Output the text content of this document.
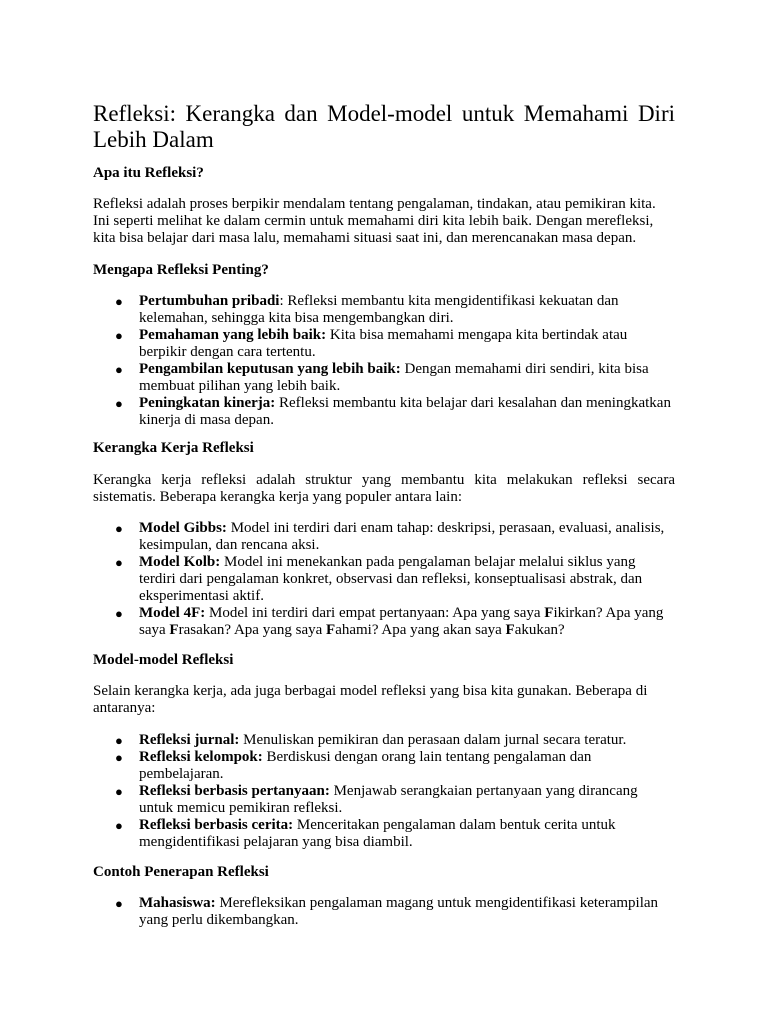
Refleksi: Kerangka dan Model-model untuk Memahami Diri Lebih Dalam
Apa itu Refleksi?

Refleksi adalah proses berpikir mendalam tentang pengalaman, tindakan, atau pemikiran kita. Ini seperti melihat ke dalam cermin untuk memahami diri kita lebih baik. Dengan merefleksi, kita bisa belajar dari masa lalu, memahami situasi saat ini, dan merencanakan masa depan.

Mengapa Refleksi Penting?
● Pertumbuhan pribadi: Refleksi membantu kita mengidentifikasi kekuatan dan kelemahan, sehingga kita bisa mengembangkan diri.
● Pemahaman yang lebih baik: Kita bisa memahami mengapa kita bertindak atau berpikir dengan cara tertentu.
● Pengambilan keputusan yang lebih baik: Dengan memahami diri sendiri, kita bisa membuat pilihan yang lebih baik.
● Peningkatan kinerja: Refleksi membantu kita belajar dari kesalahan dan meningkatkan kinerja di masa depan.
Kerangka Kerja Refleksi

Kerangka kerja refleksi adalah struktur yang membantu kita melakukan refleksi secara sistematis. Beberapa kerangka kerja yang populer antara lain:

● Model Gibbs: Model ini terdiri dari enam tahap: deskripsi, perasaan, evaluasi, analisis, kesimpulan, dan rencana aksi.
● Model Kolb: Model ini menekankan pada pengalaman belajar melalui siklus yang terdiri dari pengalaman konkret, observasi dan refleksi, konseptualisasi abstrak, dan eksperimentasi aktif.
● Model 4F: Model ini terdiri dari empat pertanyaan: Apa yang saya Fikirkan? Apa yang saya Frasakan? Apa yang saya Fahami? Apa yang akan saya Fakukan?
Model-model Refleksi

Selain kerangka kerja, ada juga berbagai model refleksi yang bisa kita gunakan. Beberapa di antaranya:

● Refleksi jurnal: Menuliskan pemikiran dan perasaan dalam jurnal secara teratur.
● Refleksi kelompok: Berdiskusi dengan orang lain tentang pengalaman dan pembelajaran.
● Refleksi berbasis pertanyaan: Menjawab serangkaian pertanyaan yang dirancang untuk memicu pemikiran refleksi.
● Refleksi berbasis cerita: Menceritakan pengalaman dalam bentuk cerita untuk mengidentifikasi pelajaran yang bisa diambil.
Contoh Penerapan Refleksi
● Mahasiswa: Merefleksikan pengalaman magang untuk mengidentifikasi keterampilan yang perlu dikembangkan.
